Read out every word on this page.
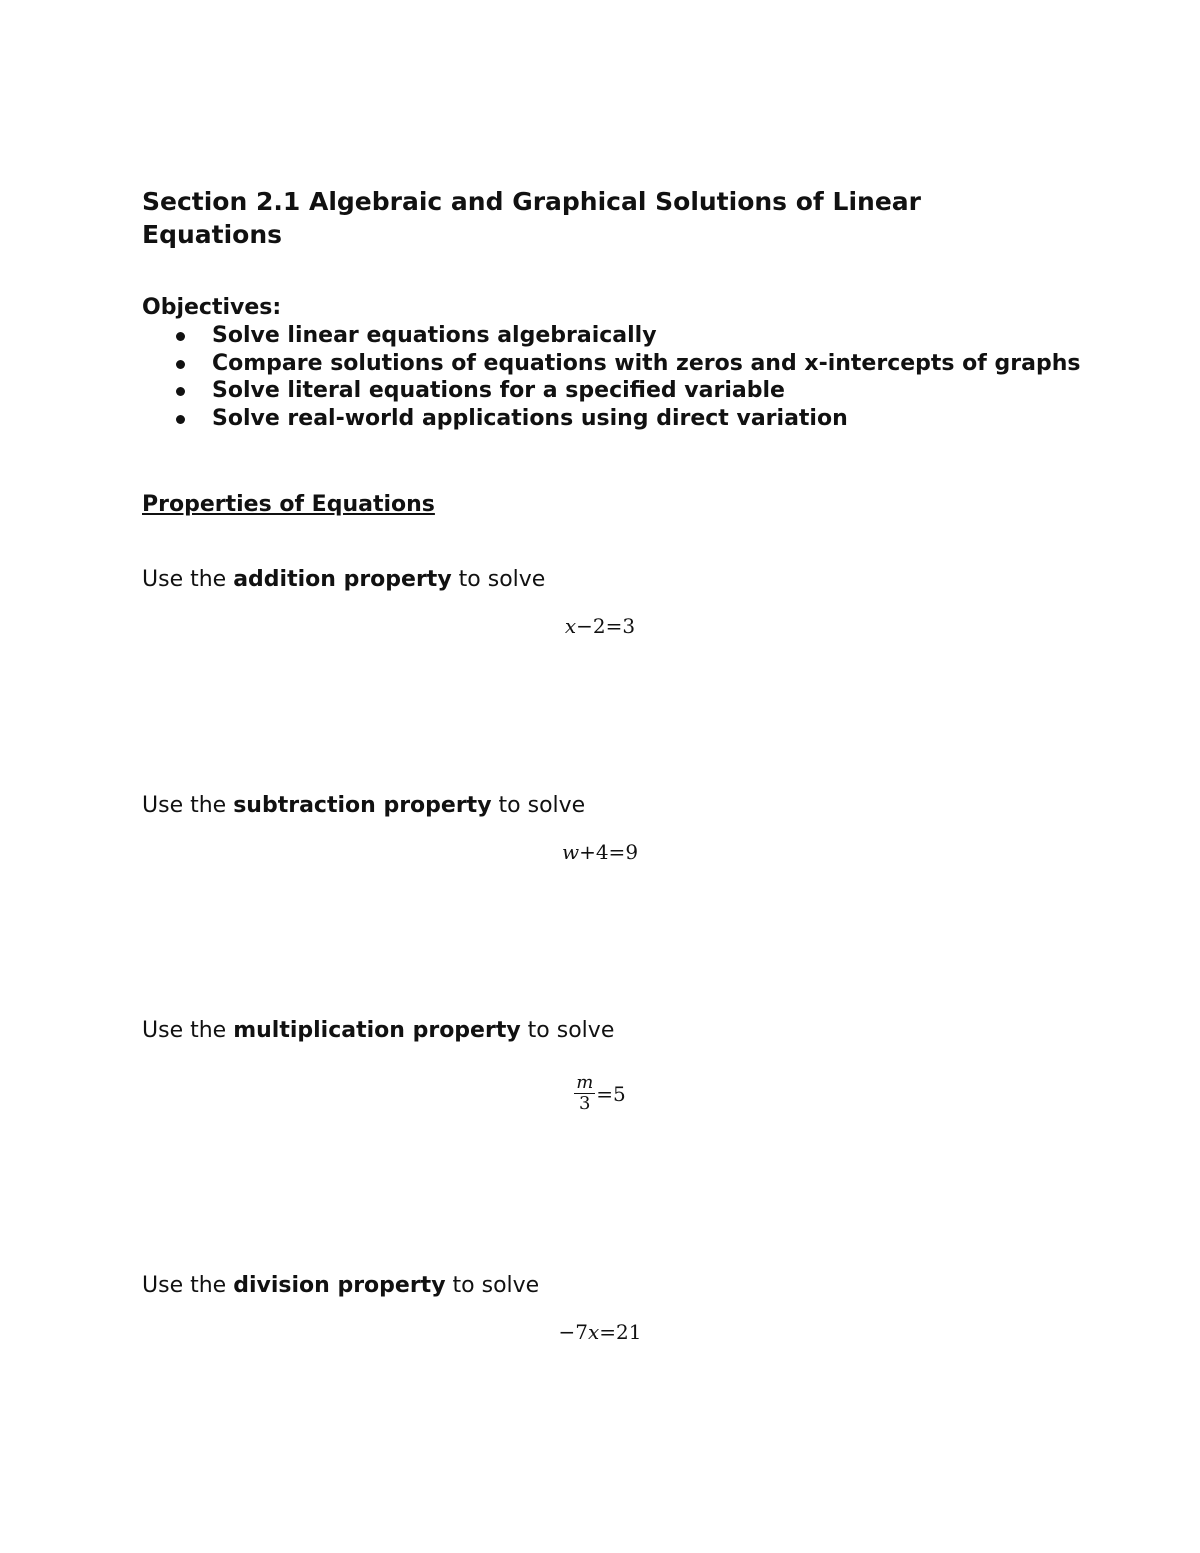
Section 2.1 Algebraic and Graphical Solutions of Linear Equations
Objectives:
Solve linear equations algebraically
Compare solutions of equations with zeros and x-intercepts of graphs
Solve literal equations for a specified variable
Solve real-world applications using direct variation
Properties of Equations
Use the addition property to solve
x−2=3
Use the subtraction property to solve
w+4=9
Use the multiplication property to solve
$\frac{m}{3} =5$
Use the division property to solve
−7x=21
